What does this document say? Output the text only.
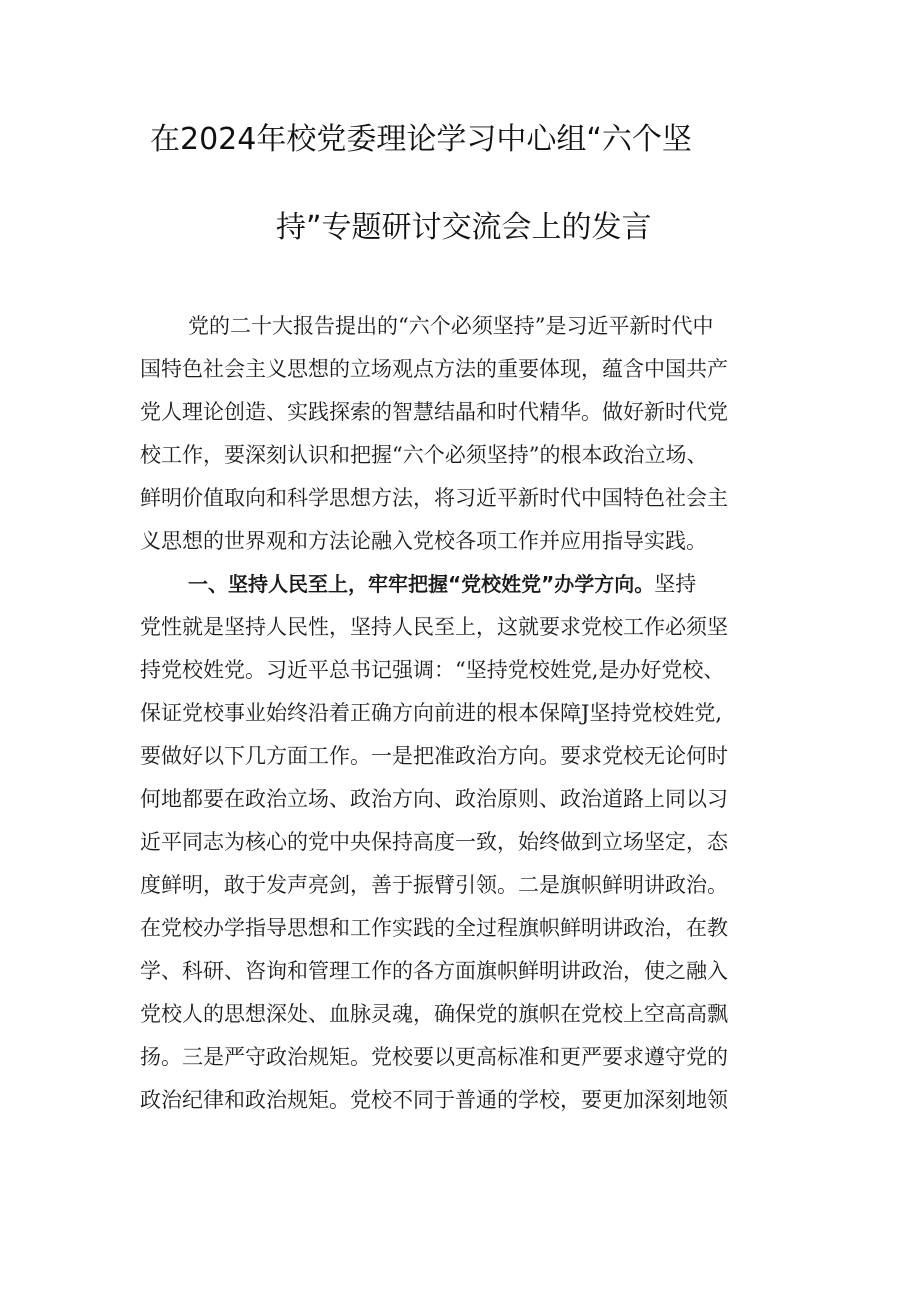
在2024年校党委理论学习中心组“六个坚
持”专题研讨交流会上的发言
党的二十大报告提出的“六个必须坚持”是习近平新时代中
国特色社会主义思想的立场观点方法的重要体现，蕴含中国共产
党人理论创造、实践探索的智慧结晶和时代精华。做好新时代党
校工作，要深刻认识和把握“六个必须坚持”的根本政治立场、
鲜明价值取向和科学思想方法，将习近平新时代中国特色社会主
义思想的世界观和方法论融入党校各项工作并应用指导实践。
一、坚持人民至上，牢牢把握“党校姓党”办学方向。坚持
党性就是坚持人民性，坚持人民至上，这就要求党校工作必须坚
持党校姓党。习近平总书记强调：“坚持党校姓党,是办好党校、
保证党校事业始终沿着正确方向前进的根本保障J坚持党校姓党,
要做好以下几方面工作。一是把准政治方向。要求党校无论何时
何地都要在政治立场、政治方向、政治原则、政治道路上同以习
近平同志为核心的党中央保持高度一致，始终做到立场坚定，态
度鲜明，敢于发声亮剑，善于振臂引领。二是旗帜鲜明讲政治。
在党校办学指导思想和工作实践的全过程旗帜鲜明讲政治，在教
学、科研、咨询和管理工作的各方面旗帜鲜明讲政治，使之融入
党校人的思想深处、血脉灵魂，确保党的旗帜在党校上空高高飘
扬。三是严守政治规矩。党校要以更高标准和更严要求遵守党的
政治纪律和政治规矩。党校不同于普通的学校，要更加深刻地领
